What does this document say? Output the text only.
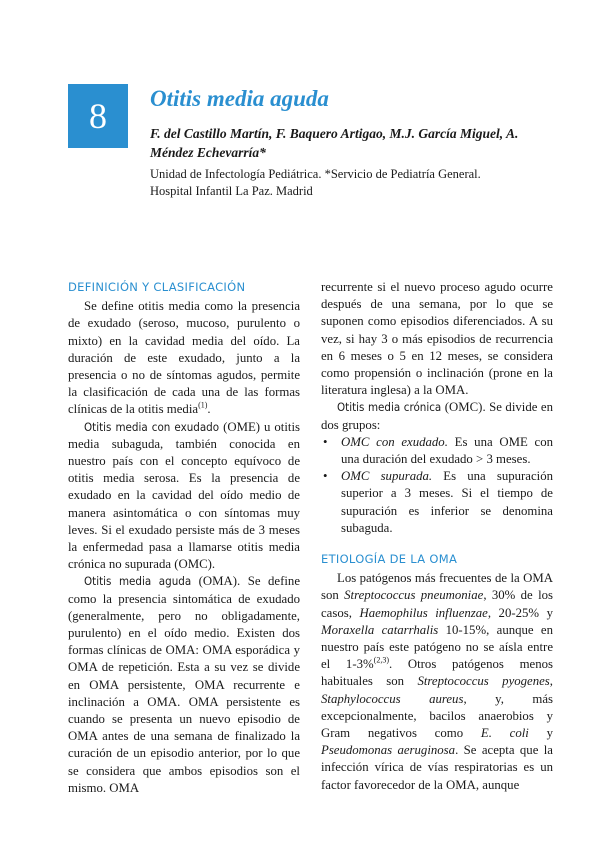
8 Otitis media aguda
F. del Castillo Martín, F. Baquero Artigao, M.J. García Miguel, A. Méndez Echevarría*
Unidad de Infectología Pediátrica. *Servicio de Pediatría General.
Hospital Infantil La Paz. Madrid
DEFINICIÓN Y CLASIFICACIÓN

Se define otitis media como la presencia de exudado (seroso, mucoso, purulento o mixto) en la cavidad media del oído. La duración de este exudado, junto a la presencia o no de síntomas agudos, permite la clasificación de cada una de las formas clínicas de la otitis media$^{(1)}$.

Otitis media con exudado (OME) u otitis media subaguda, también conocida en nuestro país con el concepto equívoco de otitis media serosa. Es la presencia de exudado en la cavidad del oído medio de manera asintomática o con síntomas muy leves. Si el exudado persiste más de 3 meses la enfermedad pasa a llamarse otitis media crónica no supurada (OMC).

Otitis media aguda (OMA). Se define como la presencia sintomática de exudado (generalmente, pero no obligadamente, purulento) en el oído medio. Existen dos formas clínicas de OMA: OMA esporádica y OMA de repetición. Esta a su vez se divide en OMA persistente, OMA recurrente e inclinación a OMA. OMA persistente es cuando se presenta un nuevo episodio de OMA antes de una semana de finalizado la curación de un episodio anterior, por lo que se considera que ambos episodios son el mismo. OMA

recurrente si el nuevo proceso agudo ocurre después de una semana, por lo que se suponen como episodios diferenciados. A su vez, si hay 3 o más episodios de recurrencia en 6 meses o 5 en 12 meses, se considera como propensión o inclinación (prone en la literatura inglesa) a la OMA.

Otitis media crónica (OMC). Se divide en dos grupos:

• OMC con exudado. Es una OME con una duración del exudado > 3 meses.
• OMC supurada. Es una supuración superior a 3 meses. Si el tiempo de supuración es inferior se denomina subaguda.
ETIOLOGÍA DE LA OMA

Los patógenos más frecuentes de la OMA son Streptococcus pneumoniae, 30% de los casos, Haemophilus influenzae, 20-25% y Moraxella catarrhalis 10-15%, aunque en nuestro país este patógeno no se aísla entre el 1-3%$^{(2,3)}$. Otros patógenos menos habituales son Streptococcus pyogenes, Staphylococcus aureus, y, más excepcionalmente, bacilos anaerobios y Gram negativos como E. coli y Pseudomonas aeruginosa. Se acepta que la infección vírica de vías respiratorias es un factor favorecedor de la OMA, aunque
